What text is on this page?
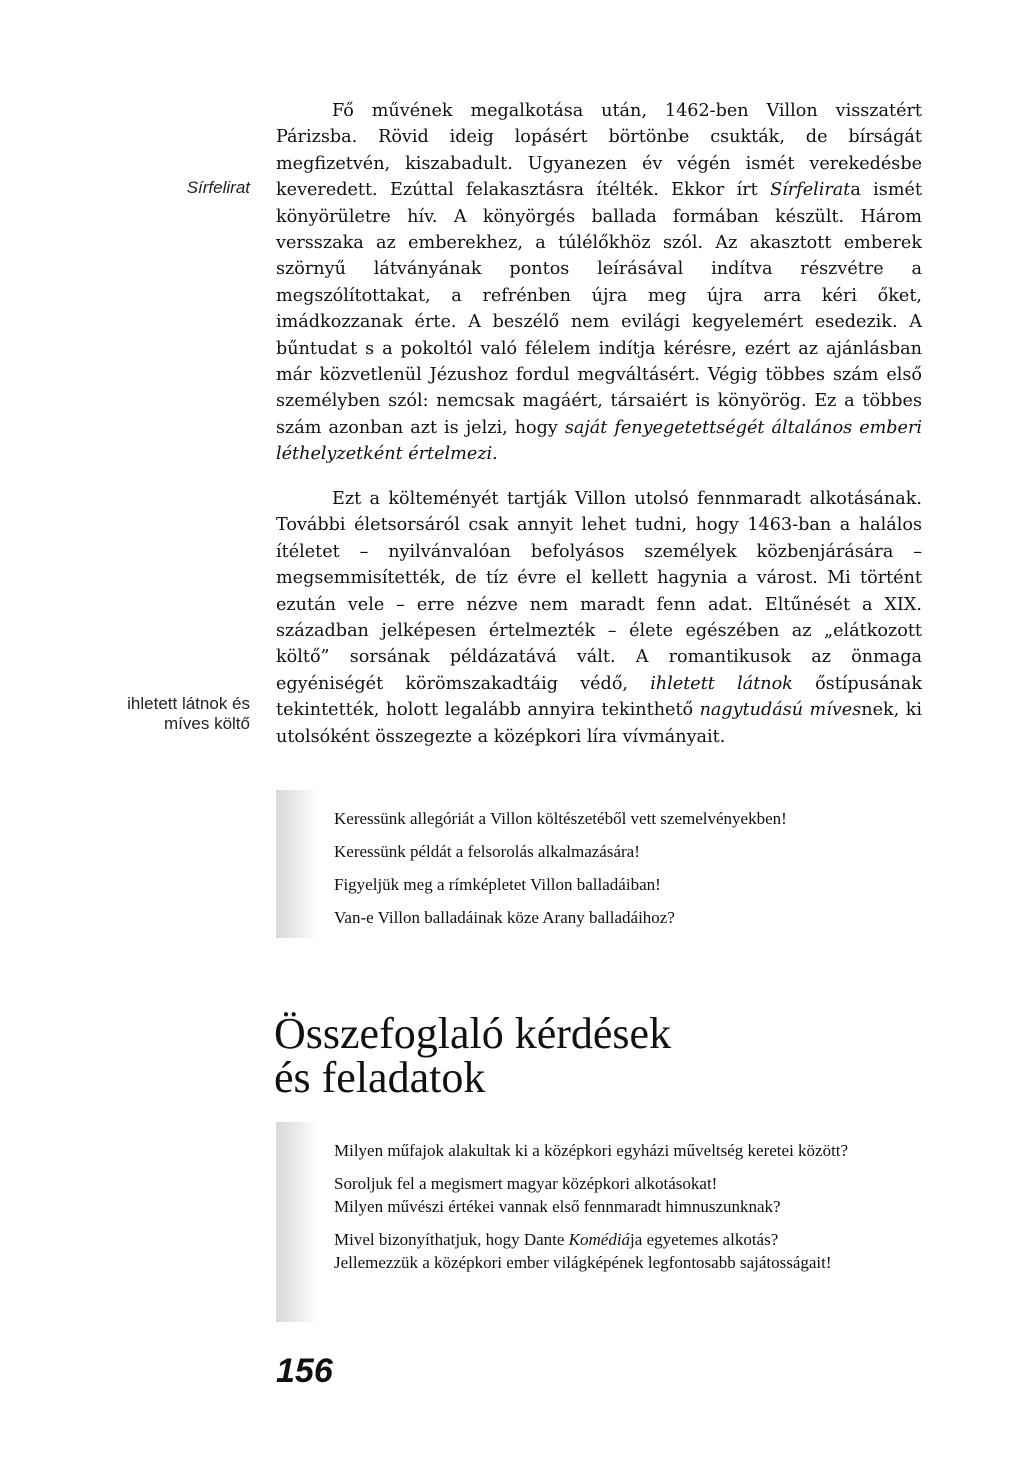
Sírfelirat
ihletett látnok és
míves költő

Fő művének megalkotása után, 1462-ben Villon visszatért Párizsba. Rövid ideig lopásért börtönbe csukták, de bírságát megfizetvén, kiszabadult. Ugyanezen év végén ismét verekedésbe keveredett. Ezúttal felakasztásra ítélték. Ekkor írt Sírfelirata ismét könyörületre hív. A könyörgés ballada formában készült. Három versszaka az emberekhez, a túlélőkhöz szól. Az akasztott emberek szörnyű látványának pontos leírásával indítva részvétre a megszólítottakat, a refrénben újra meg újra arra kéri őket, imádkozzanak érte. A beszélő nem evilági kegyelemért esedezik. A bűntudat s a pokoltól való félelem indítja kérésre, ezért az ajánlásban már közvetlenül Jézushoz fordul megváltásért. Végig többes szám első személyben szól: nemcsak magáért, társaiért is könyörög. Ez a többes szám azonban azt is jelzi, hogy saját fenyegetettségét általános emberi léthelyzetként értelmezi.

Ezt a költeményét tartják Villon utolsó fennmaradt alkotásának. További életsorsáról csak annyit lehet tudni, hogy 1463-ban a halálos ítéletet – nyilvánvalóan befolyásos személyek közbenjárására – megsemmisítették, de tíz évre el kellett hagynia a várost. Mi történt ezután vele – erre nézve nem maradt fenn adat. Eltűnését a XIX. században jelképesen értelmezték – élete egészében az „elátkozott költő” sorsának példázatává vált. A romantikusok az önmaga egyéniségét körömszakadtáig védő, ihletett látnok őstípusának tekintették, holott legalább annyira tekinthető nagytudású mívesnek, ki utolsóként összegezte a középkori líra vívmányait.

Keressünk allegóriát a Villon költészetéből vett szemelvényekben!
Keressünk példát a felsorolás alkalmazására!
Figyeljük meg a rímképletet Villon balladáiban!
Van-e Villon balladáinak köze Arany balladáihoz?
Összefoglaló kérdések
és feladatok
Milyen műfajok alakultak ki a középkori egyházi műveltség keretei között?
Soroljuk fel a megismert magyar középkori alkotásokat!
Milyen művészi értékei vannak első fennmaradt himnuszunknak?
Mivel bizonyíthatjuk, hogy Dante Komédiája egyetemes alkotás?
Jellemezzük a középkori ember világképének legfontosabb sajátosságait!
156
